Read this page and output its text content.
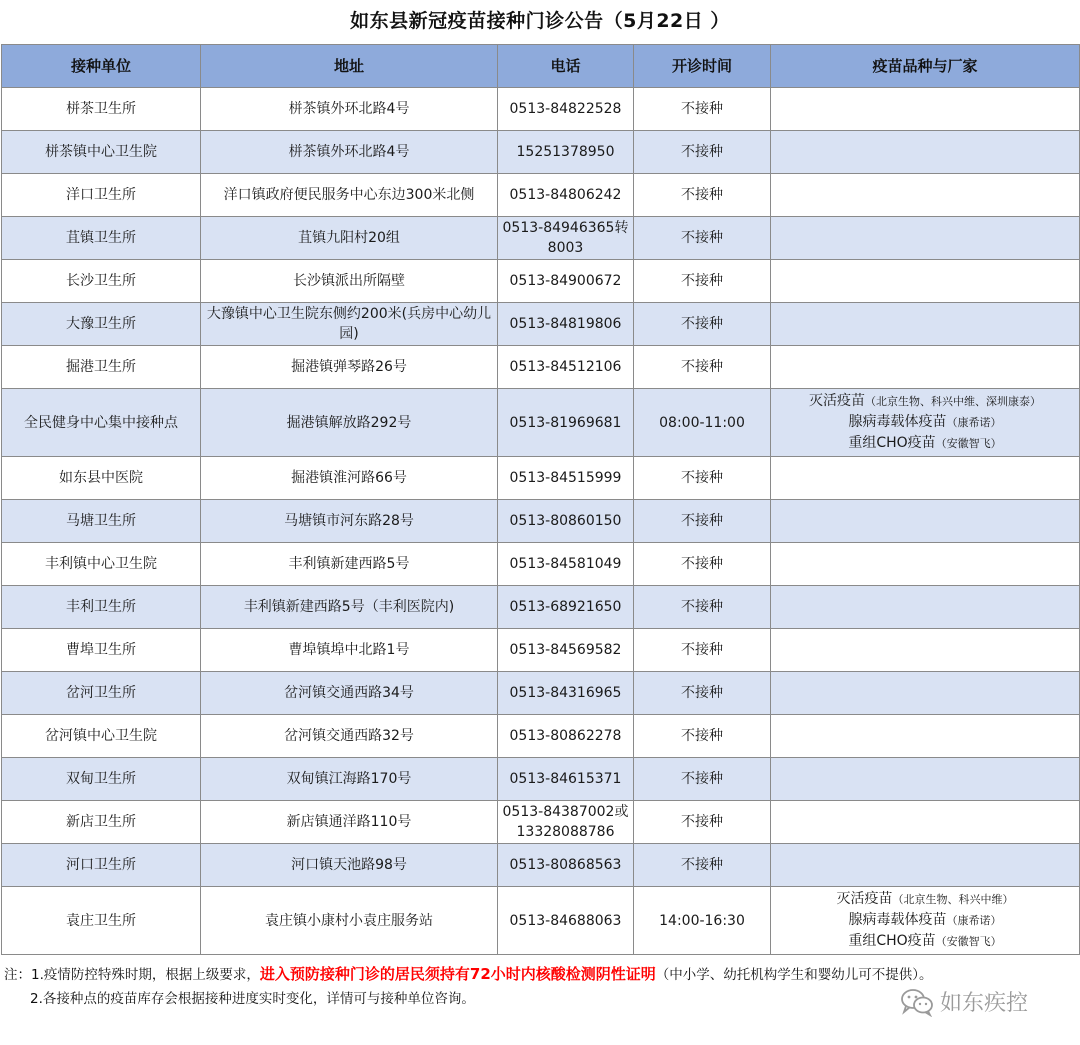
如东县新冠疫苗接种门诊公告（5月22日 ）
接种单位	地址	电话	开诊时间	疫苗品种与厂家
栟茶卫生所	栟茶镇外环北路4号	0513-84822528	不接种	
栟茶镇中心卫生院	栟茶镇外环北路4号	15251378950	不接种	
洋口卫生所	洋口镇政府便民服务中心东边300米北侧	0513-84806242	不接种	
苴镇卫生所	苴镇九阳村20组	0513-84946365转8003	不接种	
长沙卫生所	长沙镇派出所隔壁	0513-84900672	不接种	
大豫卫生所	大豫镇中心卫生院东侧约200米(兵房中心幼儿园)	0513-84819806	不接种	
掘港卫生所	掘港镇弹琴路26号	0513-84512106	不接种	
全民健身中心集中接种点	掘港镇解放路292号	0513-81969681	08:00-11:00	灭活疫苗（北京生物、科兴中维、深圳康泰）
腺病毒载体疫苗（康希诺）
重组CHO疫苗（安徽智飞）

如东县中医院	掘港镇淮河路66号	0513-84515999	不接种	
马塘卫生所	马塘镇市河东路28号	0513-80860150	不接种	
丰利镇中心卫生院	丰利镇新建西路5号	0513-84581049	不接种	
丰利卫生所	丰利镇新建西路5号（丰利医院内)	0513-68921650	不接种	
曹埠卫生所	曹埠镇埠中北路1号	0513-84569582	不接种	
岔河卫生所	岔河镇交通西路34号	0513-84316965	不接种	
岔河镇中心卫生院	岔河镇交通西路32号	0513-80862278	不接种	
双甸卫生所	双甸镇江海路170号	0513-84615371	不接种	
新店卫生所	新店镇通洋路110号	0513-84387002或13328088786	不接种	
河口卫生所	河口镇天池路98号	0513-80868563	不接种	
袁庄卫生所	袁庄镇小康村小袁庄服务站	0513-84688063	14:00-16:30	灭活疫苗（北京生物、科兴中维）
腺病毒载体疫苗（康希诺）
重组CHO疫苗（安徽智飞）
注：1.疫情防控特殊时期，根据上级要求，进入预防接种门诊的居民须持有72小时内核酸检测阴性证明（中小学、幼托机构学生和婴幼儿可不提供）。
2.各接种点的疫苗库存会根据接种进度实时变化，详情可与接种单位咨询。	如东疾控
